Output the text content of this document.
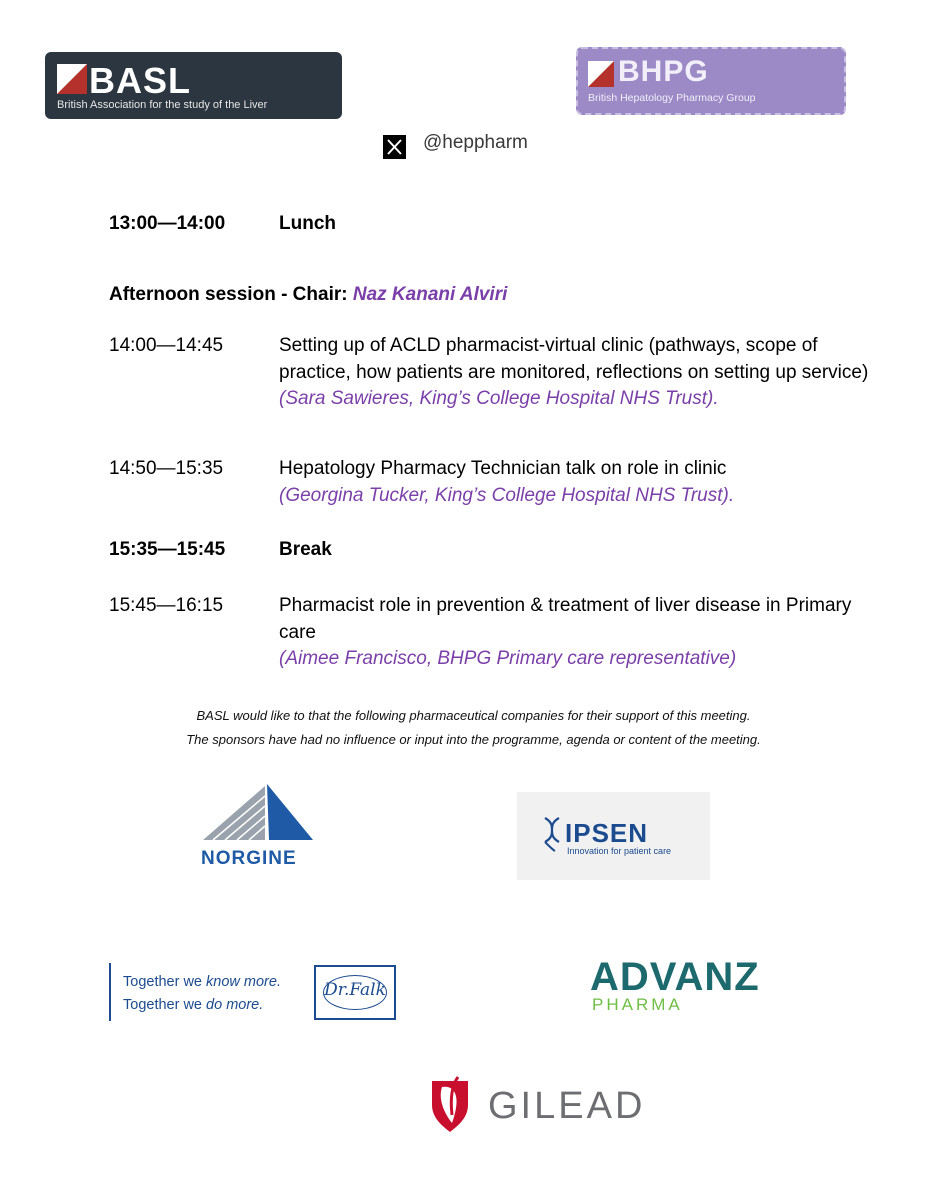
BASL
British Association for the study of the Liver
BHPG
British Hepatology Pharmacy Group
@heppharm
13:00—14:00	Lunch
Afternoon session - Chair: Naz Kanani Alviri
14:00—14:45	Setting up of ACLD pharmacist-virtual clinic (pathways, scope of practice, how patients are monitored, reflections on setting up service)
(Sara Sawieres, King’s College Hospital NHS Trust).
14:50—15:35	Hepatology Pharmacy Technician talk on role in clinic
(Georgina Tucker, King’s College Hospital NHS Trust).
15:35—15:45	Break
15:45—16:15	Pharmacist role in prevention & treatment of liver disease in Primary care
(Aimee Francisco, BHPG Primary care representative)
BASL would like to that the following pharmaceutical companies for their support of this meeting.
The sponsors have had no influence or input into the programme, agenda or content of the meeting.
NORGINE
IPSEN
Innovation for patient care
Together we know more.
Together we do more.
Dr.Falk	ADVANZ
PHARMA
GILEAD
